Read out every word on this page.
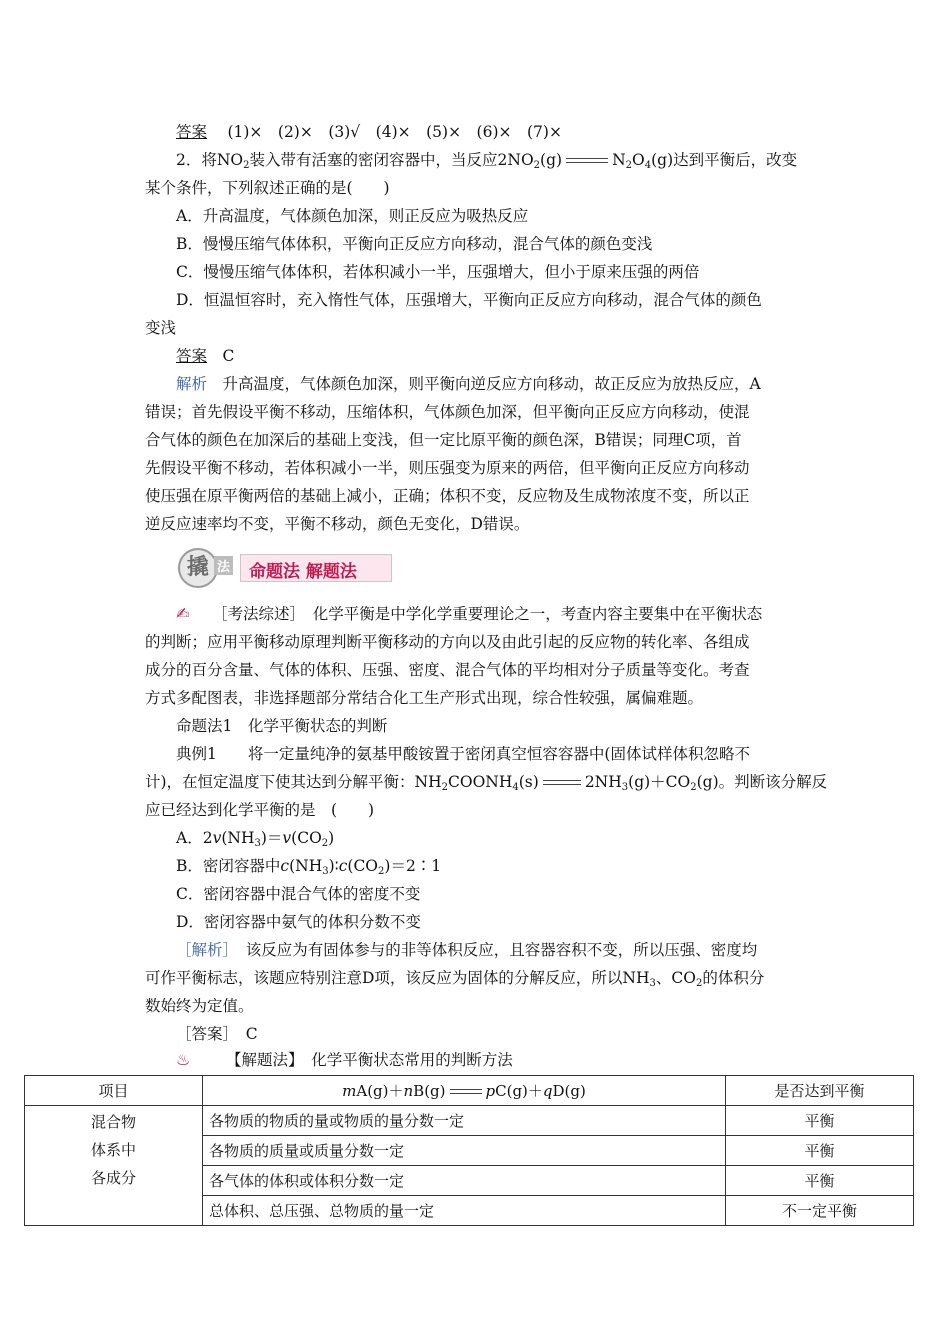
答案　 (1)×　(2)×　(3)√　(4)×　(5)×　(6)×　(7)×
2．将$NO_2$装入带有活塞的密闭容器中，当反应$2NO_2(g)$	$N_2O_4(g)$达到平衡后，改变
某个条件，下列叙述正确的是(　　)
A．升高温度，气体颜色加深，则正反应为吸热反应
B．慢慢压缩气体体积，平衡向正反应方向移动，混合气体的颜色变浅
C．慢慢压缩气体体积，若体积减小一半，压强增大，但小于原来压强的两倍
D．恒温恒容时，充入惰性气体，压强增大，平衡向正反应方向移动，混合气体的颜色
变浅
答案　 C
解析　 升高温度，气体颜色加深，则平衡向逆反应方向移动，故正反应为放热反应，A
错误；首先假设平衡不移动，压缩体积，气体颜色加深，但平衡向正反应方向移动，使混
合气体的颜色在加深后的基础上变浅，但一定比原平衡的颜色深，B错误；同理C项，首
先假设平衡不移动，若体积减小一半，则压强变为原来的两倍，但平衡向正反应方向移动
使压强在原平衡两倍的基础上减小，正确；体积不变，反应物及生成物浓度不变，所以正
逆反应速率均不变，平衡不移动，颜色无变化，D错误。
撬 法 命题法 解题法
✍ ［考法综述］　 化学平衡是中学化学重要理论之一，考查内容主要集中在平衡状态
的判断；应用平衡移动原理判断平衡移动的方向以及由此引起的反应物的转化率、各组成
成分的百分含量、气体的体积、压强、密度、混合气体的平均相对分子质量等变化。考查
方式多配图表，非选择题部分常结合化工生产形式出现，综合性较强，属偏难题。
命题法1　化学平衡状态的判断
典例1　　 将一定量纯净的氨基甲酸铵置于密闭真空恒容容器中(固体试样体积忽略不
计)，在恒定温度下使其达到分解平衡：$NH_2COONH_4(s)$	$2NH_3(g)+CO_2(g)$。判断该分解反
应已经达到化学平衡的是　(　　)
A．$2v(NH_3)=v(CO_2)$
B．密闭容器中$c(NH_3)∶c(CO_2)=2∶1$
C．密闭容器中混合气体的密度不变
D．密闭容器中氨气的体积分数不变
［解析］　 该反应为有固体参与的非等体积反应，且容器容积不变，所以压强、密度均
可作平衡标志，该题应特别注意D项，该反应为固体的分解反应，所以$NH_3$、$CO_2$的体积分
数始终为定值。
［答案］　 C
♨ 【解题法】　 化学平衡状态常用的判断方法
项目	mA(g)＋nB(g) pC(g)＋qD(g)	是否达到平衡

混合物
体系中
各成分	各物质的物质的量或物质的量分数一定	平衡
	各物质的质量或质量分数一定	平衡
	各气体的体积或体积分数一定	平衡
	总体积、总压强、总物质的量一定	不一定平衡
